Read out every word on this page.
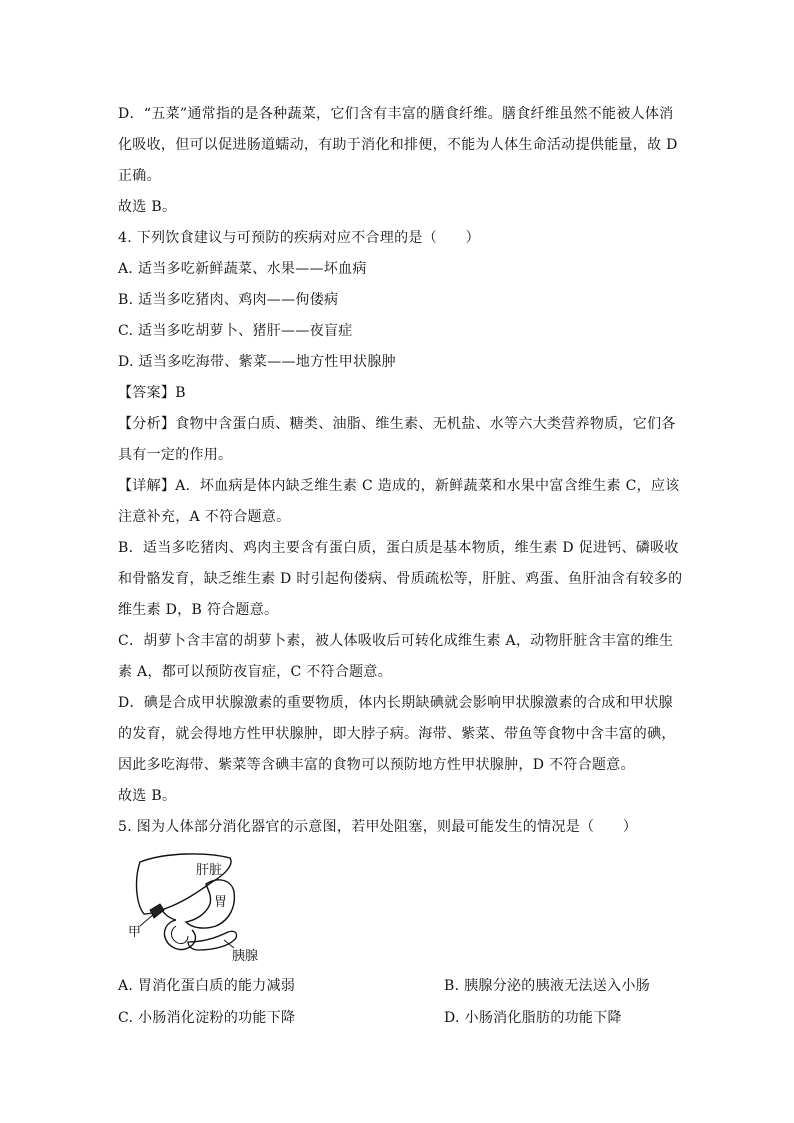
D．“五菜”通常指的是各种蔬菜，它们含有丰富的膳食纤维。膳食纤维虽然不能被人体消
化吸收，但可以促进肠道蠕动，有助于消化和排便，不能为人体生命活动提供能量，故 D
正确。
故选 B。
4. 下列饮食建议与可预防的疾病对应不合理的是（　　）
A. 适当多吃新鲜蔬菜、水果——坏血病
B. 适当多吃猪肉、鸡肉——佝偻病
C. 适当多吃胡萝卜、猪肝——夜盲症
D. 适当多吃海带、紫菜——地方性甲状腺肿
【答案】B
【分析】食物中含蛋白质、糖类、油脂、维生素、无机盐、水等六大类营养物质，它们各
具有一定的作用。
【详解】A．坏血病是体内缺乏维生素 C 造成的，新鲜蔬菜和水果中富含维生素 C，应该
注意补充，A 不符合题意。
B．适当多吃猪肉、鸡肉主要含有蛋白质，蛋白质是基本物质，维生素 D 促进钙、磷吸收
和骨骼发育，缺乏维生素 D 时引起佝偻病、骨质疏松等，肝脏、鸡蛋、鱼肝油含有较多的
维生素 D，B 符合题意。
C．胡萝卜含丰富的胡萝卜素，被人体吸收后可转化成维生素 A，动物肝脏含丰富的维生
素 A，都可以预防夜盲症，C 不符合题意。
D．碘是合成甲状腺激素的重要物质，体内长期缺碘就会影响甲状腺激素的合成和甲状腺
的发育，就会得地方性甲状腺肿，即大脖子病。海带、紫菜、带鱼等食物中含丰富的碘，
因此多吃海带、紫菜等含碘丰富的食物可以预防地方性甲状腺肿，D 不符合题意。
故选 B。
5. 图为人体部分消化器官的示意图，若甲处阻塞，则最可能发生的情况是（　　）
肝脏
胃
甲
胰腺
A. 胃消化蛋白质的能力减弱	B. 胰腺分泌的胰液无法送入小肠
C. 小肠消化淀粉的功能下降	D. 小肠消化脂肪的功能下降
